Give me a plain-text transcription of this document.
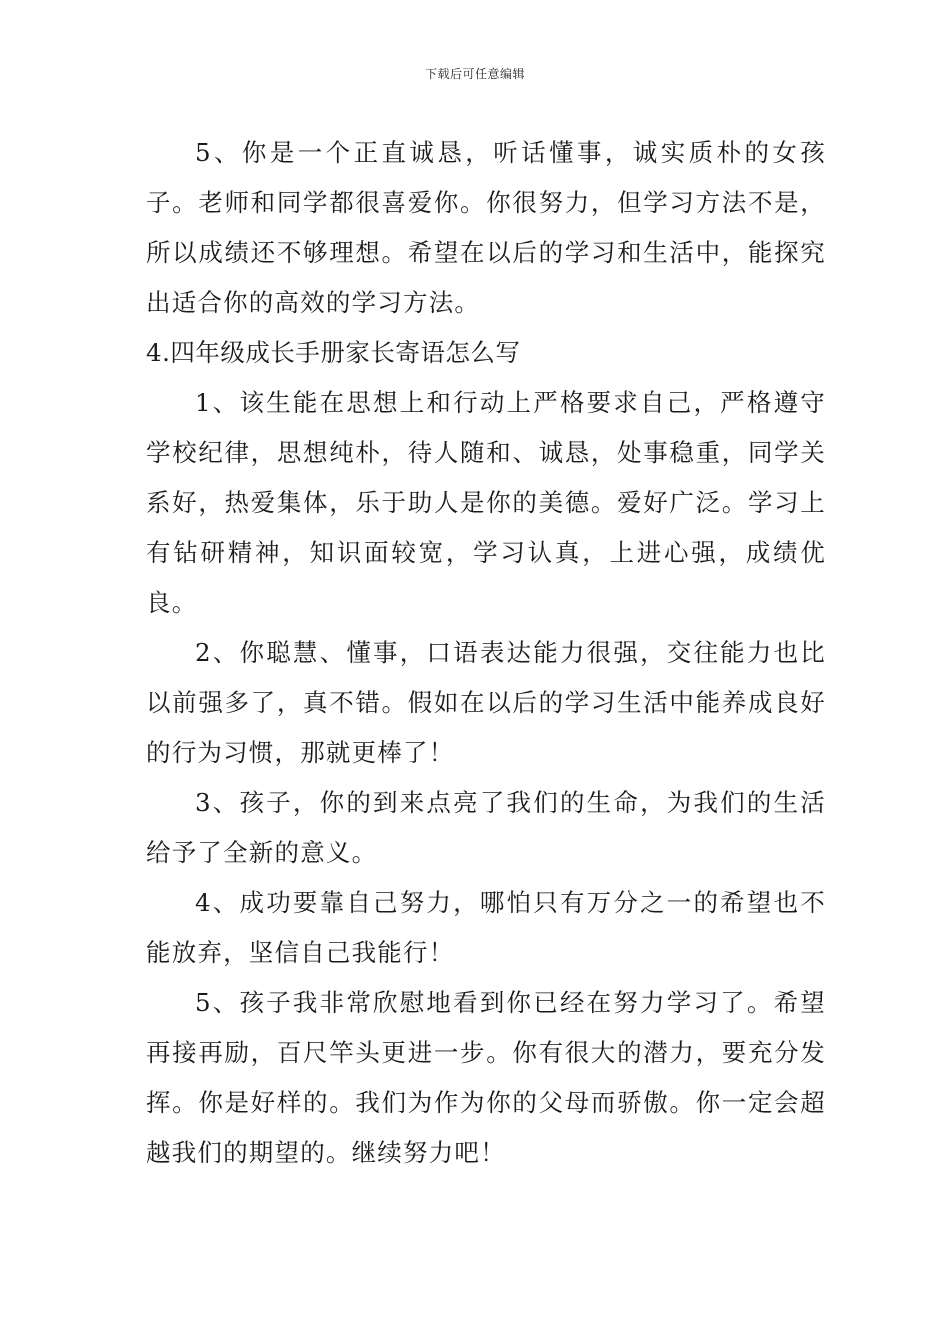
下载后可任意编辑

5、你是一个正直诚恳，听话懂事，诚实质朴的女孩子。老师和同学都很喜爱你。你很努力，但学习方法不是，所以成绩还不够理想。希望在以后的学习和生活中，能探究出适合你的高效的学习方法。

4.四年级成长手册家长寄语怎么写

1、该生能在思想上和行动上严格要求自己，严格遵守学校纪律，思想纯朴，待人随和、诚恳，处事稳重，同学关系好，热爱集体，乐于助人是你的美德。爱好广泛。学习上有钻研精神，知识面较宽，学习认真，上进心强，成绩优良。

2、你聪慧、懂事，口语表达能力很强，交往能力也比以前强多了，真不错。假如在以后的学习生活中能养成良好的行为习惯，那就更棒了！

3、孩子，你的到来点亮了我们的生命，为我们的生活给予了全新的意义。

4、成功要靠自己努力，哪怕只有万分之一的希望也不能放弃，坚信自己我能行！

5、孩子我非常欣慰地看到你已经在努力学习了。希望再接再励，百尺竿头更进一步。你有很大的潜力，要充分发挥。你是好样的。我们为作为你的父母而骄傲。你一定会超越我们的期望的。继续努力吧！
